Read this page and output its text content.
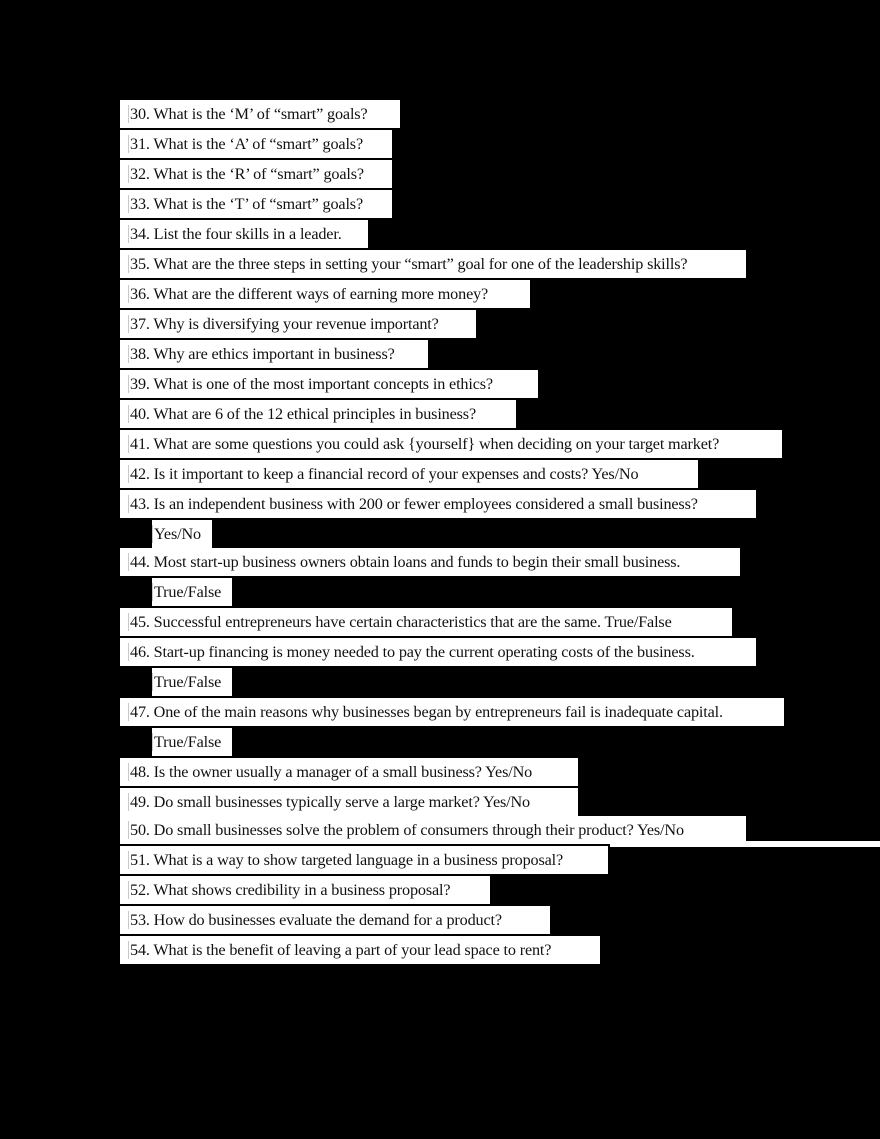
30. What is the ‘M’ of “smart” goals?
31. What is the ‘A’ of “smart” goals?
32. What is the ‘R’ of “smart” goals?
33. What is the ‘T’ of “smart” goals?
34. List the four skills in a leader.
35. What are the three steps in setting your “smart” goal for one of the leadership skills?
36. What are the different ways of earning more money?
37. Why is diversifying your revenue important?
38. Why are ethics important in business?
39. What is one of the most important concepts in ethics?
40. What are 6 of the 12 ethical principles in business?
41. What are some questions you could ask {yourself} when deciding on your target market?
42. Is it important to keep a financial record of your expenses and costs? Yes/No
43. Is an independent business with 200 or fewer employees considered a small business?
Yes/No
44. Most start-up business owners obtain loans and funds to begin their small business.
True/False
45. Successful entrepreneurs have certain characteristics that are the same. True/False
46. Start-up financing is money needed to pay the current operating costs of the business.
True/False
47. One of the main reasons why businesses began by entrepreneurs fail is inadequate capital.
True/False
48. Is the owner usually a manager of a small business? Yes/No
49. Do small businesses typically serve a large market? Yes/No
50. Do small businesses solve the problem of consumers through their product? Yes/No
51. What is a way to show targeted language in a business proposal?
52. What shows credibility in a business proposal?
53. How do businesses evaluate the demand for a product?
54. What is the benefit of leaving a part of your lead space to rent?
